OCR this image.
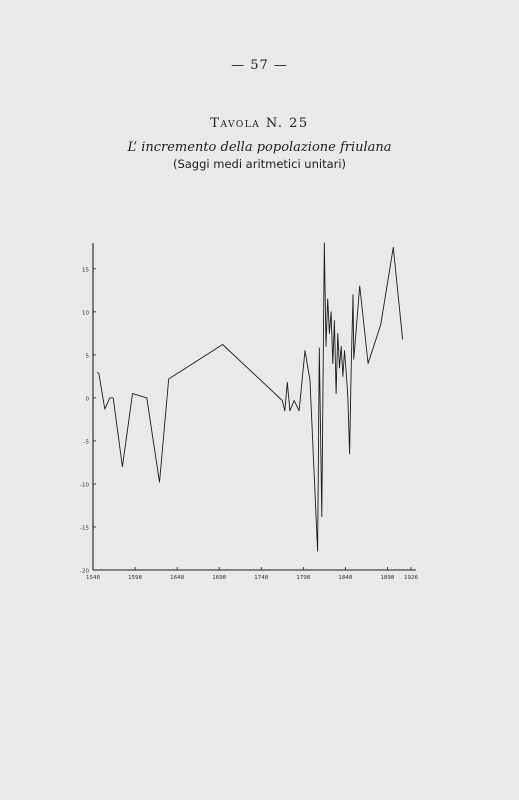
— 57 —
Tavola N. 25
L’ incremento della popolazione friulana
(Saggi medi aritmetici unitari)
15
10
5
0
-5
-10
-15
-20
1548	1598	1648	1698	1748	1798	1848	1898 1926
